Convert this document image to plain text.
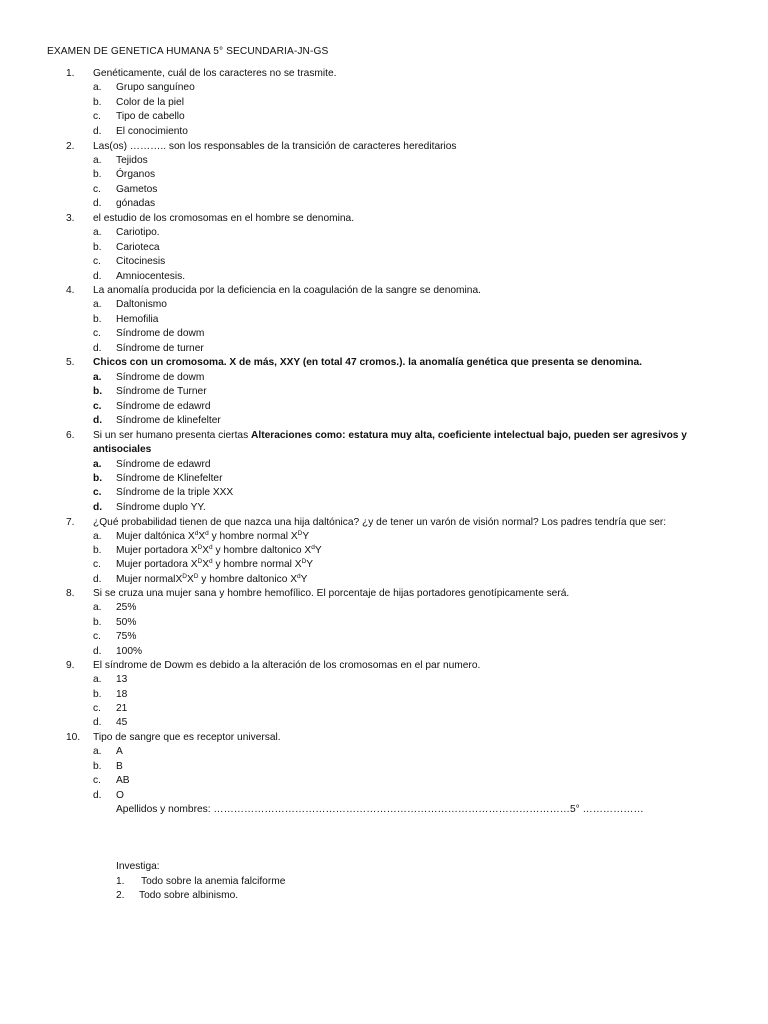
EXAMEN DE GENETICA HUMANA 5° SECUNDARIA-JN-GS
1.	Genéticamente, cuál de los caracteres no se trasmite.
a.	Grupo sanguíneo
b.	Color de la piel
c.	Tipo de cabello
d.	El conocimiento
2.	Las(os) ……….. son los responsables de la transición de caracteres hereditarios
a.	Tejidos
b.	Órganos
c.	Gametos
d.	gónadas
3.	el estudio de los cromosomas en el hombre se denomina.
a.	Cariotipo.
b.	Carioteca
c.	Citocinesis
d.	Amniocentesis.
4.	La anomalía producida por la deficiencia en la coagulación de la sangre se denomina.
a.	Daltonismo
b.	Hemofilia
c.	Síndrome de dowm
d.	Síndrome de turner
5.	Chicos con un cromosoma. X de más, XXY (en total 47 cromos.). la anomalía genética que presenta se denomina.
a.	Síndrome de dowm
b.	Síndrome de Turner
c.	Síndrome de edawrd
d.	Síndrome de klinefelter
6.	Si un ser humano presenta ciertas Alteraciones como: estatura muy alta, coeficiente intelectual bajo, pueden ser agresivos y
antisociales
a.	Síndrome de edawrd
b.	Síndrome de Klinefelter
c.	Síndrome de la triple XXX
d.	Síndrome duplo YY.
7.	¿Qué probabilidad tienen de que nazca una hija daltónica? ¿y de tener un varón de visión normal? Los padres tendría que ser:
a.	Mujer daltónica $X^dX^d$ y hombre normal $X^DY$
b.	Mujer portadora $X^DX^d$ y hombre daltonico $X^dY$
c.	Mujer portadora $X^DX^d$ y hombre normal $X^DY$
d.	Mujer $normalX^DX^D$ y hombre daltonico $X^dY$
8.	Si se cruza una mujer sana y hombre hemofílico. El porcentaje de hijas portadores genotípicamente será.
a.	25%
b.	50%
c.	75%
d.	100%
9.	El síndrome de Dowm es debido a la alteración de los cromosomas en el par numero.
a.	13
b.	18
c.	21
d.	45
10.	Tipo de sangre que es receptor universal.
a.	A
b.	B
c.	AB
d.	O
Apellidos y nombres: ……………………………………………………………………………………………5° ………………
Investiga:
1. Todo sobre la anemia falciforme
2. Todo sobre albinismo.
